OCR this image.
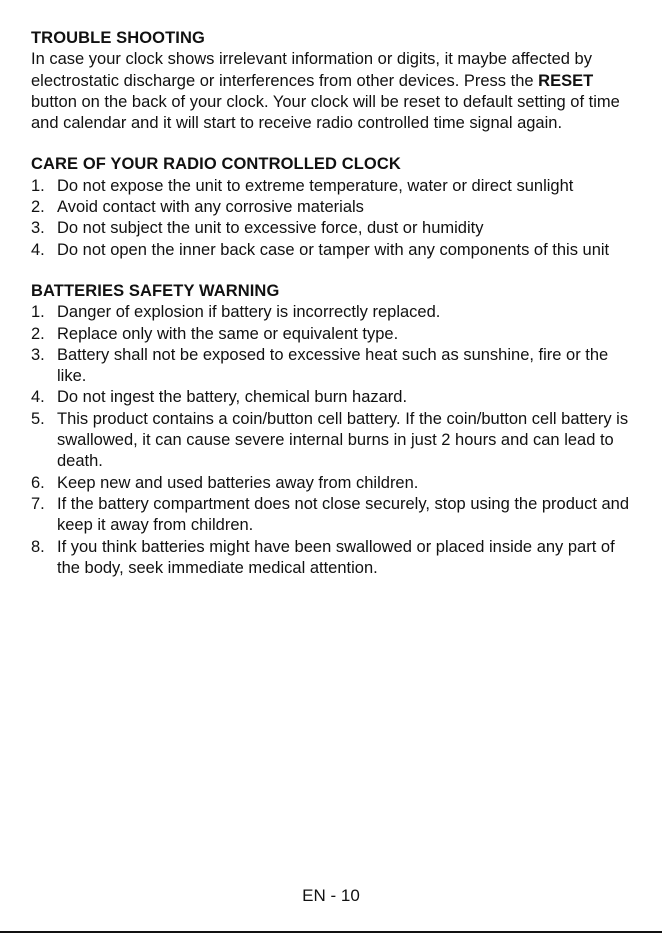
TROUBLE SHOOTING

In case your clock shows irrelevant information or digits, it maybe affected by electrostatic discharge or interferences from other devices. Press the RESET button on the back of your clock. Your clock will be reset to default setting of time and calendar and it will start to receive radio controlled time signal again.

CARE OF YOUR RADIO CONTROLLED CLOCK
1. Do not expose the unit to extreme temperature, water or direct sunlight
2. Avoid contact with any corrosive materials
3. Do not subject the unit to excessive force, dust or humidity
4. Do not open the inner back case or tamper with any components of this unit
BATTERIES SAFETY WARNING
1. Danger of explosion if battery is incorrectly replaced.
2. Replace only with the same or equivalent type.
3. Battery shall not be exposed to excessive heat such as sunshine, fire or the like.
4. Do not ingest the battery, chemical burn hazard.
5. This product contains a coin/button cell battery. If the coin/button cell battery is swallowed, it can cause severe internal burns in just 2 hours and can lead to death.
6. Keep new and used batteries away from children.
7. If the battery compartment does not close securely, stop using the product and keep it away from children.
8. If you think batteries might have been swallowed or placed inside any part of the body, seek immediate medical attention.
EN - 10
